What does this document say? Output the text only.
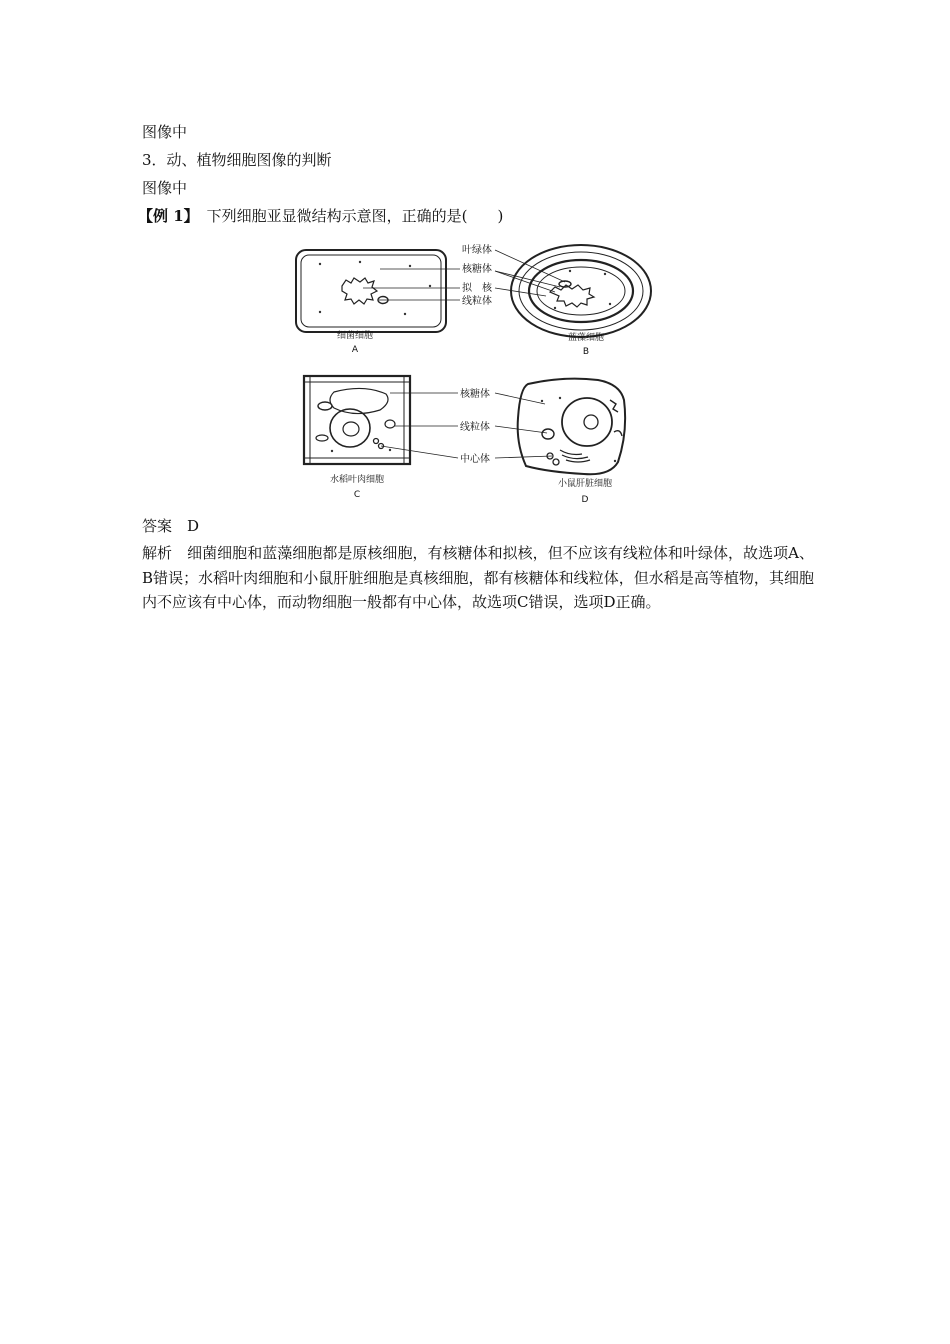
图像中
3．动、植物细胞图像的判断
图像中
【例 1】 下列细胞亚显微结构示意图，正确的是(　　)
叶绿体
核糖体
拟　核
线粒体
核糖体
线粒体
中心体
细菌细胞
A
蓝藻细胞
B
水稻叶肉细胞
C
小鼠肝脏细胞
D
答案 D
解析 细菌细胞和蓝藻细胞都是原核细胞，有核糖体和拟核，但不应该有线粒体和叶绿体，故选项A、B错误；水稻叶肉细胞和小鼠肝脏细胞是真核细胞，都有核糖体和线粒体，但水稻是高等植物，其细胞内不应该有中心体，而动物细胞一般都有中心体，故选项C错误，选项D正确。
